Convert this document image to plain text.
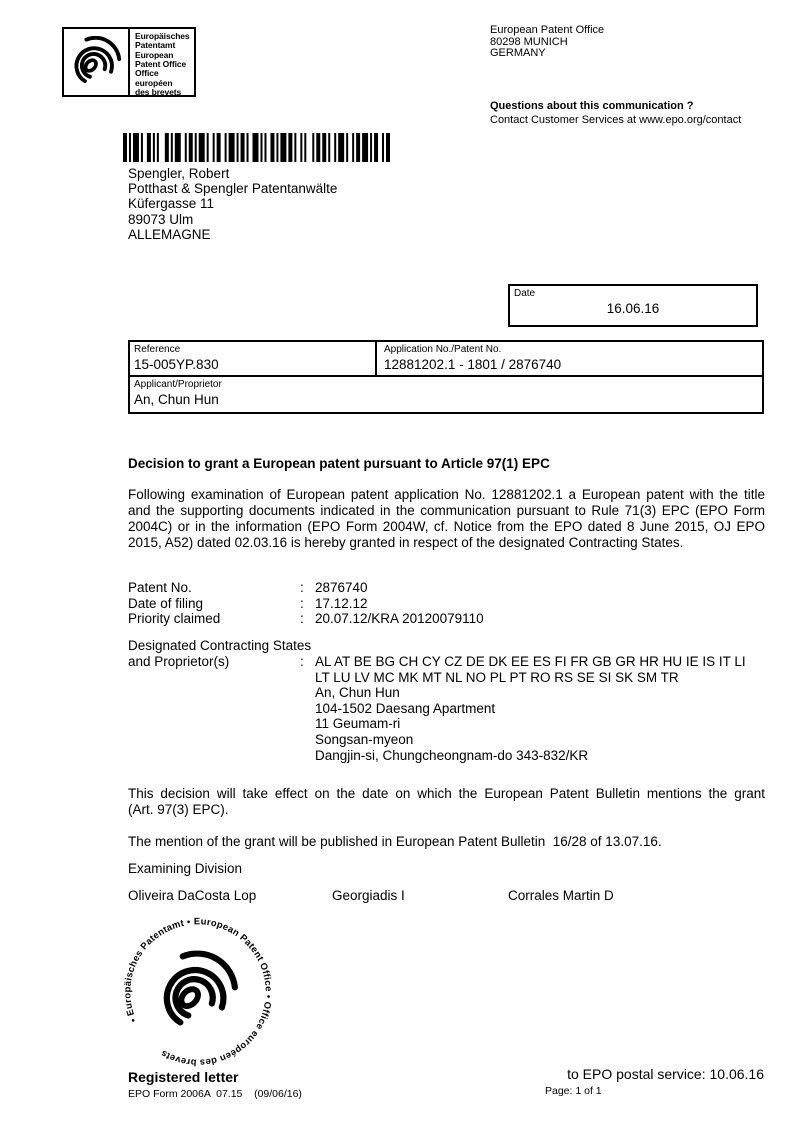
Europäisches
Patentamt
European
Patent Office
Office européen
des brevets
European Patent Office
80298 MUNICH
GERMANY
Questions about this communication ?
Contact Customer Services at www.epo.org/contact
Spengler, Robert
Potthast & Spengler Patentanwälte
Küfergasse 11
89073 Ulm
ALLEMAGNE
Date
16.06.16
Reference
15-005YP.830
Application No./Patent No.
12881202.1 - 1801 / 2876740
Applicant/Proprietor
An, Chun Hun
Decision to grant a European patent pursuant to Article 97(1) EPC
Following examination of European patent application No. 12881202.1 a European patent with the title
and the supporting documents indicated in the communication pursuant to Rule 71(3) EPC (EPO Form
2004C) or in the information (EPO Form 2004W, cf. Notice from the EPO dated 8 June 2015, OJ EPO
2015, A52) dated 02.03.16 is hereby granted in respect of the designated Contracting States.
Patent No.	: 2876740
Date of filing	: 17.12.12
Priority claimed	: 20.07.12/KRA 20120079110
Designated Contracting States
and Proprietor(s)	: AL AT BE BG CH CY CZ DE DK EE ES FI FR GB GR HR HU IE IS IT LI
LT LU LV MC MK MT NL NO PL PT RO RS SE SI SK SM TR
An, Chun Hun
104-1502 Daesang Apartment
11 Geumam-ri
Songsan-myeon
Dangjin-si, Chungcheongnam-do 343-832/KR
This decision will take effect on the date on which the European Patent Bulletin mentions the grant
(Art. 97(3) EPC).
The mention of the grant will be published in European Patent Bulletin  16/28 of 13.07.16.
Examining Division
Oliveira DaCosta Lop	Georgiadis I	Corrales Martin D
• Europäisches Patentamt • European Patent Office • Office européen des brevets
Registered letter
EPO Form 2006A  07.15    (09/06/16)
to EPO postal service: 10.06.16
Page: 1 of 1
